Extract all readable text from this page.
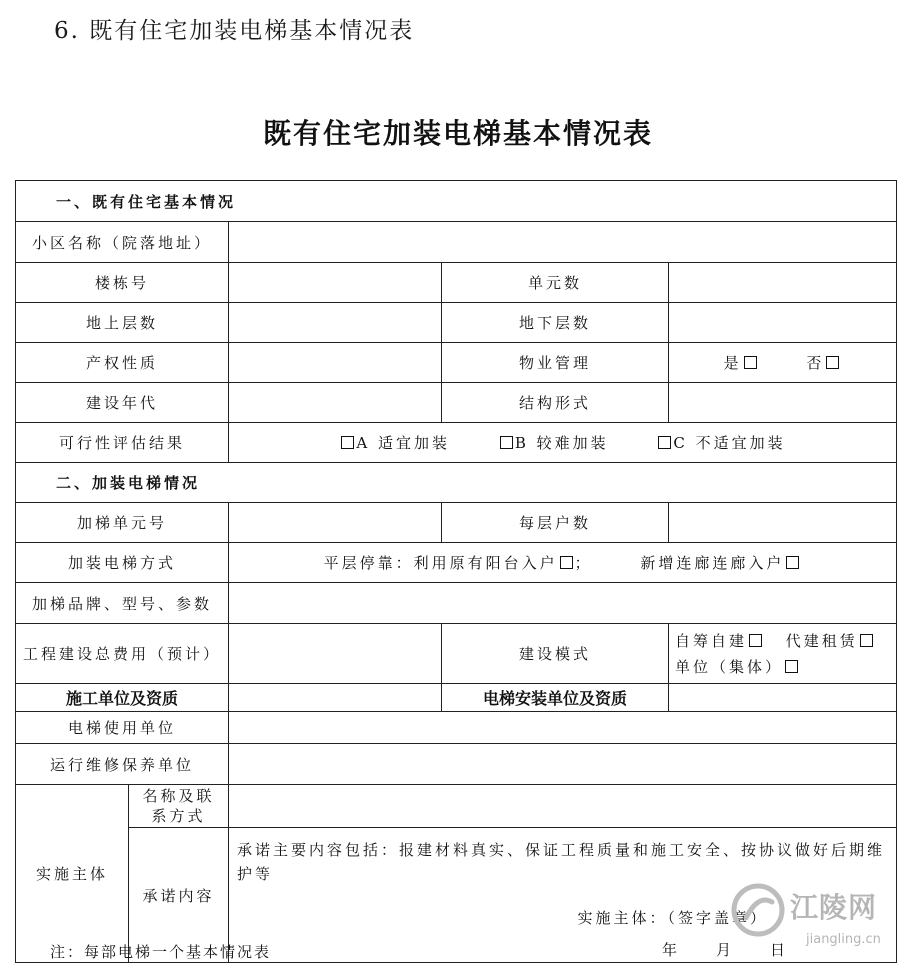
6. 既有住宅加装电梯基本情况表
既有住宅加装电梯基本情况表
一、既有住宅基本情况				
小区名称（院落地址）				
楼栋号			单元数	
地上层数			地下层数	
产权性质			物业管理	是 否
建设年代			结构形式	
可行性评估结果		A 适宜加装 B 较难加装 C 不适宜加装		
二、加装电梯情况				
加梯单元号			每层户数	
加装电梯方式		平层停靠：利用原有阳台入户 ； 新增连廊连廊入户		
加梯品牌、型号、参数				
工程建设总费用（预计）			建设模式	自筹自建 代建租赁
单位（集体）

施工单位及资质			电梯安装单位及资质	
电梯使用单位				
运行维修保养单位				
实施主体	名称及联
系方式			

	承诺内容	承诺主要内容包括：报建材料真实、保证工程质量和施工安全、按协议做好后期维护等
实施主体：（签字盖章）
年   月   日		
注：每部电梯一个基本情况表
江陵网
jiangling.cn
